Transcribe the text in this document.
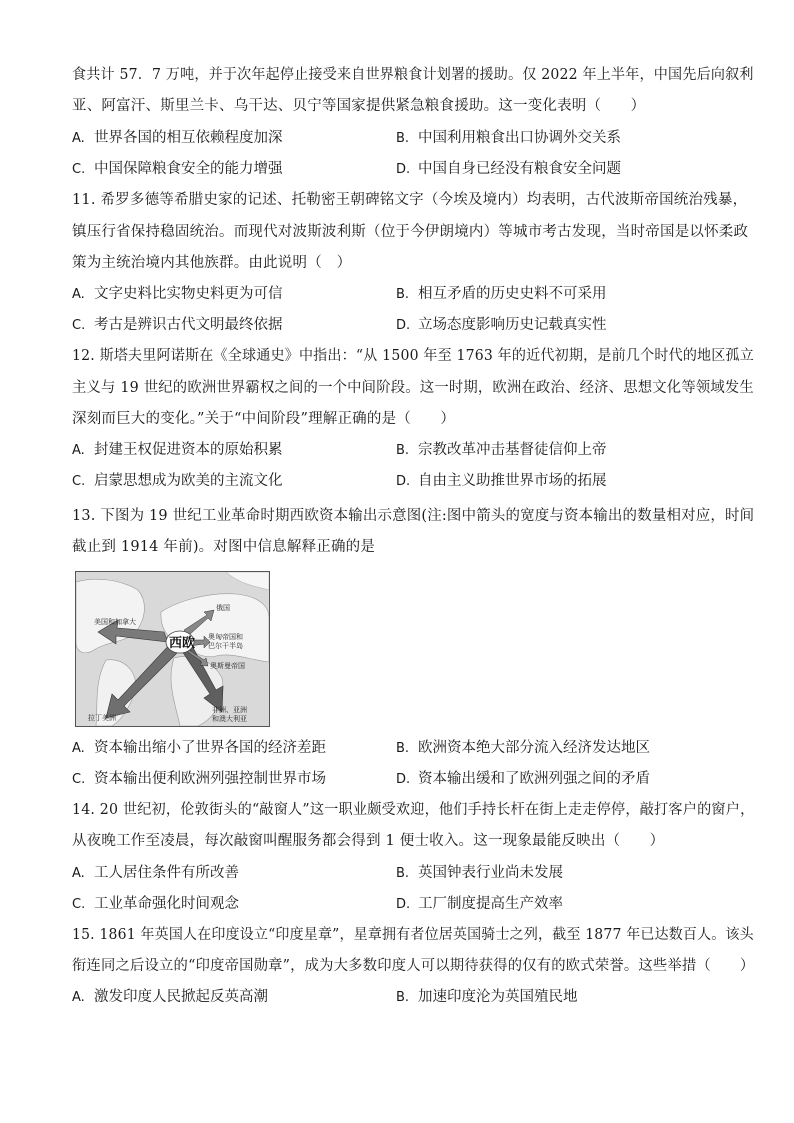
食共计 57．7 万吨，并于次年起停止接受来自世界粮食计划署的援助。仅 2022 年上半年，中国先后向叙利
亚、阿富汗、斯里兰卡、乌干达、贝宁等国家提供紧急粮食援助。这一变化表明（　　）
A. 世界各国的相互依赖程度加深	B. 中国利用粮食出口协调外交关系
C. 中国保障粮食安全的能力增强	D. 中国自身已经没有粮食安全问题
11. 希罗多德等希腊史家的记述、托勒密王朝碑铭文字（今埃及境内）均表明，古代波斯帝国统治残暴，
镇压行省保持稳固统治。而现代对波斯波利斯（位于今伊朗境内）等城市考古发现，当时帝国是以怀柔政
策为主统治境内其他族群。由此说明（　）
A. 文字史料比实物史料更为可信	B. 相互矛盾的历史史料不可采用
C. 考古是辨识古代文明最终依据	D. 立场态度影响历史记载真实性
12. 斯塔夫里阿诺斯在《全球通史》中指出：“从 1500 年至 1763 年的近代初期，是前几个时代的地区孤立
主义与 19 世纪的欧洲世界霸权之间的一个中间阶段。这一时期，欧洲在政治、经济、思想文化等领域发生
深刻而巨大的变化。”关于“中间阶段”理解正确的是（　　）
A. 封建王权促进资本的原始积累	B. 宗教改革冲击基督徒信仰上帝
C. 启蒙思想成为欧美的主流文化	D. 自由主义助推世界市场的拓展
13. 下图为 19 世纪工业革命时期西欧资本输出示意图(注:图中箭头的宽度与资本输出的数量相对应，时间
截止到 1914 年前)。对图中信息解释正确的是
西欧
俄国
奥匈帝国和
巴尔干半岛
奥斯曼帝国
美国和加拿大
拉丁美洲
非洲、亚洲
和澳大利亚
A. 资本输出缩小了世界各国的经济差距	B. 欧洲资本绝大部分流入经济发达地区
C. 资本输出便利欧洲列强控制世界市场	D. 资本输出缓和了欧洲列强之间的矛盾
14. 20 世纪初，伦敦街头的“敲窗人”这一职业颇受欢迎，他们手持长杆在街上走走停停，敲打客户的窗户，
从夜晚工作至凌晨，每次敲窗叫醒服务都会得到 1 便士收入。这一现象最能反映出（　　）
A. 工人居住条件有所改善	B. 英国钟表行业尚未发展
C. 工业革命强化时间观念	D. 工厂制度提高生产效率
15. 1861 年英国人在印度设立“印度星章”，星章拥有者位居英国骑士之列，截至 1877 年已达数百人。该头
衔连同之后设立的“印度帝国勋章”，成为大多数印度人可以期待获得的仅有的欧式荣誉。这些举措（　　）
A. 激发印度人民掀起反英高潮	B. 加速印度沦为英国殖民地
